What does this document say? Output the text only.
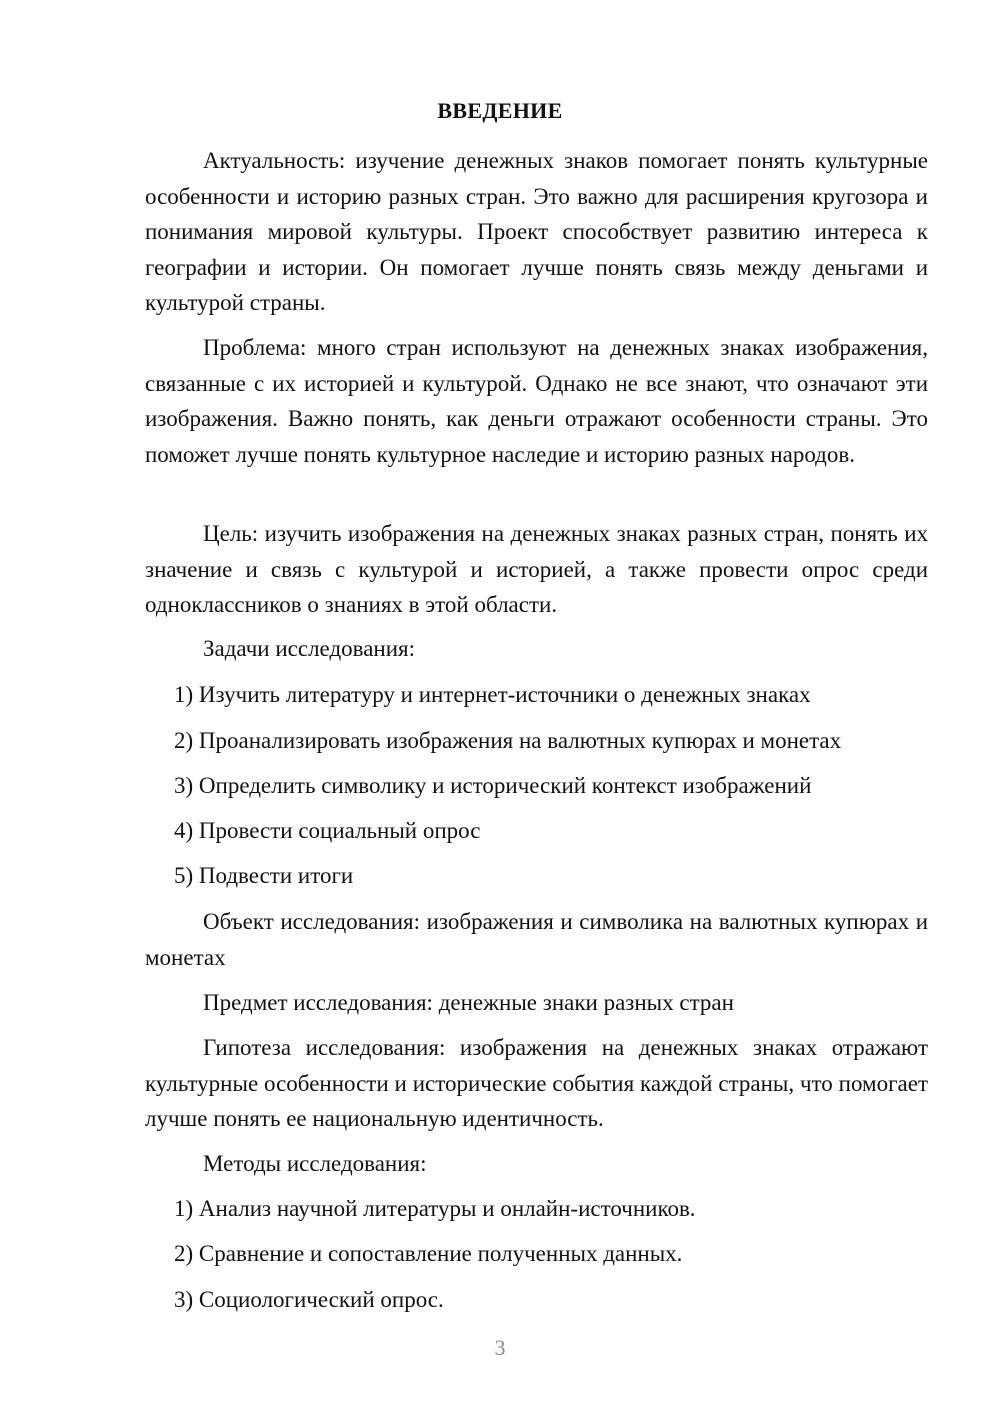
ВВЕДЕНИЕ

Актуальность: изучение денежных знаков помогает понять культурные особенности и историю разных стран. Это важно для расширения кругозора и понимания мировой культуры. Проект способствует развитию интереса к географии и истории. Он помогает лучше понять связь между деньгами и культурой страны.

Проблема: много стран используют на денежных знаках изображения, связанные с их историей и культурой. Однако не все знают, что означают эти изображения. Важно понять, как деньги отражают особенности страны. Это поможет лучше понять культурное наследие и историю разных народов.

Цель: изучить изображения на денежных знаках разных стран, понять их значение и связь с культурой и историей, а также провести опрос среди одноклассников о знаниях в этой области.

Задачи исследования:

1) Изучить литературу и интернет-источники о денежных знаках

2) Проанализировать изображения на валютных купюрах и монетах

3) Определить символику и исторический контекст изображений

4) Провести социальный опрос

5) Подвести итоги

Объект исследования: изображения и символика на валютных купюрах и монетах

Предмет исследования: денежные знаки разных стран

Гипотеза исследования: изображения на денежных знаках отражают культурные особенности и исторические события каждой страны, что помогает лучше понять ее национальную идентичность.

Методы исследования:

1) Анализ научной литературы и онлайн-источников.

2) Сравнение и сопоставление полученных данных.

3) Социологический опрос.

3
